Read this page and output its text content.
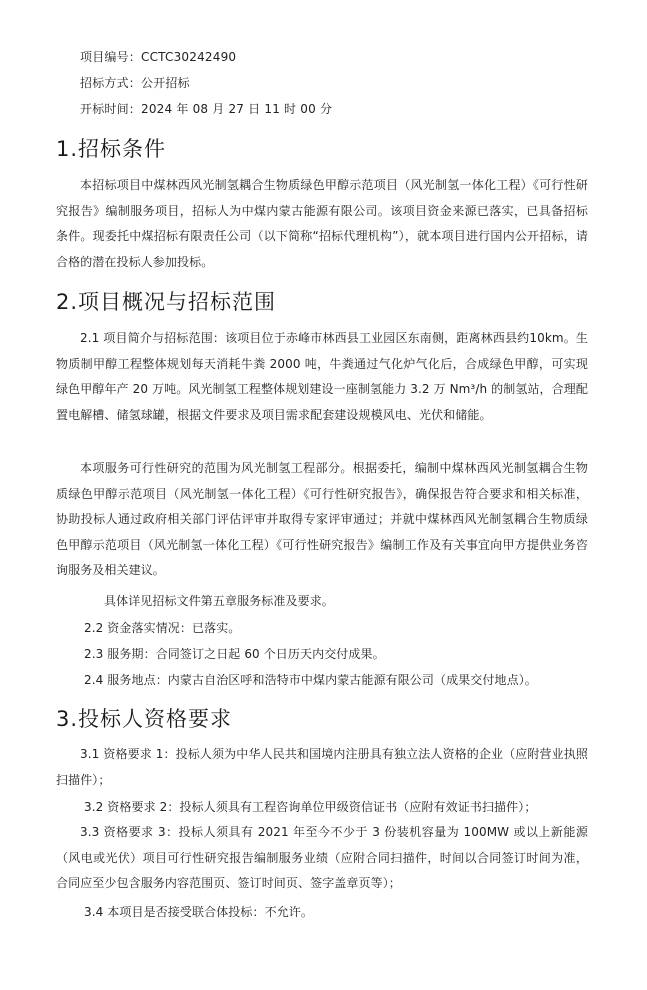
项目编号：CCTC30242490
招标方式：公开招标
开标时间：2024 年 08 月 27 日 11 时 00 分
1.招标条件
本招标项目中煤林西风光制氢耦合生物质绿色甲醇示范项目（风光制氢一体化工程）《可行性研究报告》编制服务项目，招标人为中煤内蒙古能源有限公司。该项目资金来源已落实，已具备招标条件。现委托中煤招标有限责任公司（以下简称“招标代理机构”），就本项目进行国内公开招标，请合格的潜在投标人参加投标。
2.项目概况与招标范围
2.1 项目简介与招标范围：该项目位于赤峰市林西县工业园区东南侧，距离林西县约10km。生物质制甲醇工程整体规划每天消耗牛粪 2000 吨，牛粪通过气化炉气化后，合成绿色甲醇，可实现绿色甲醇年产 20 万吨。风光制氢工程整体规划建设一座制氢能力 3.2 万 Nm³/h 的制氢站，合理配置电解槽、储氢球罐，根据文件要求及项目需求配套建设规模风电、光伏和储能。
本项服务可行性研究的范围为风光制氢工程部分。根据委托，编制中煤林西风光制氢耦合生物质绿色甲醇示范项目（风光制氢一体化工程）《可行性研究报告》，确保报告符合要求和相关标准，协助投标人通过政府相关部门评估评审并取得专家评审通过；并就中煤林西风光制氢耦合生物质绿色甲醇示范项目（风光制氢一体化工程）《可行性研究报告》编制工作及有关事宜向甲方提供业务咨询服务及相关建议。
具体详见招标文件第五章服务标准及要求。
2.2 资金落实情况：已落实。
2.3 服务期：合同签订之日起 60 个日历天内交付成果。
2.4 服务地点：内蒙古自治区呼和浩特市中煤内蒙古能源有限公司（成果交付地点）。
3.投标人资格要求
3.1 资格要求 1：投标人须为中华人民共和国境内注册具有独立法人资格的企业（应附营业执照扫描件）；
3.2 资格要求 2：投标人须具有工程咨询单位甲级资信证书（应附有效证书扫描件）；
3.3 资格要求 3：投标人须具有 2021 年至今不少于 3 份装机容量为 100MW 或以上新能源（风电或光伏）项目可行性研究报告编制服务业绩（应附合同扫描件，时间以合同签订时间为准，合同应至少包含服务内容范围页、签订时间页、签字盖章页等）；
3.4 本项目是否接受联合体投标：不允许。
